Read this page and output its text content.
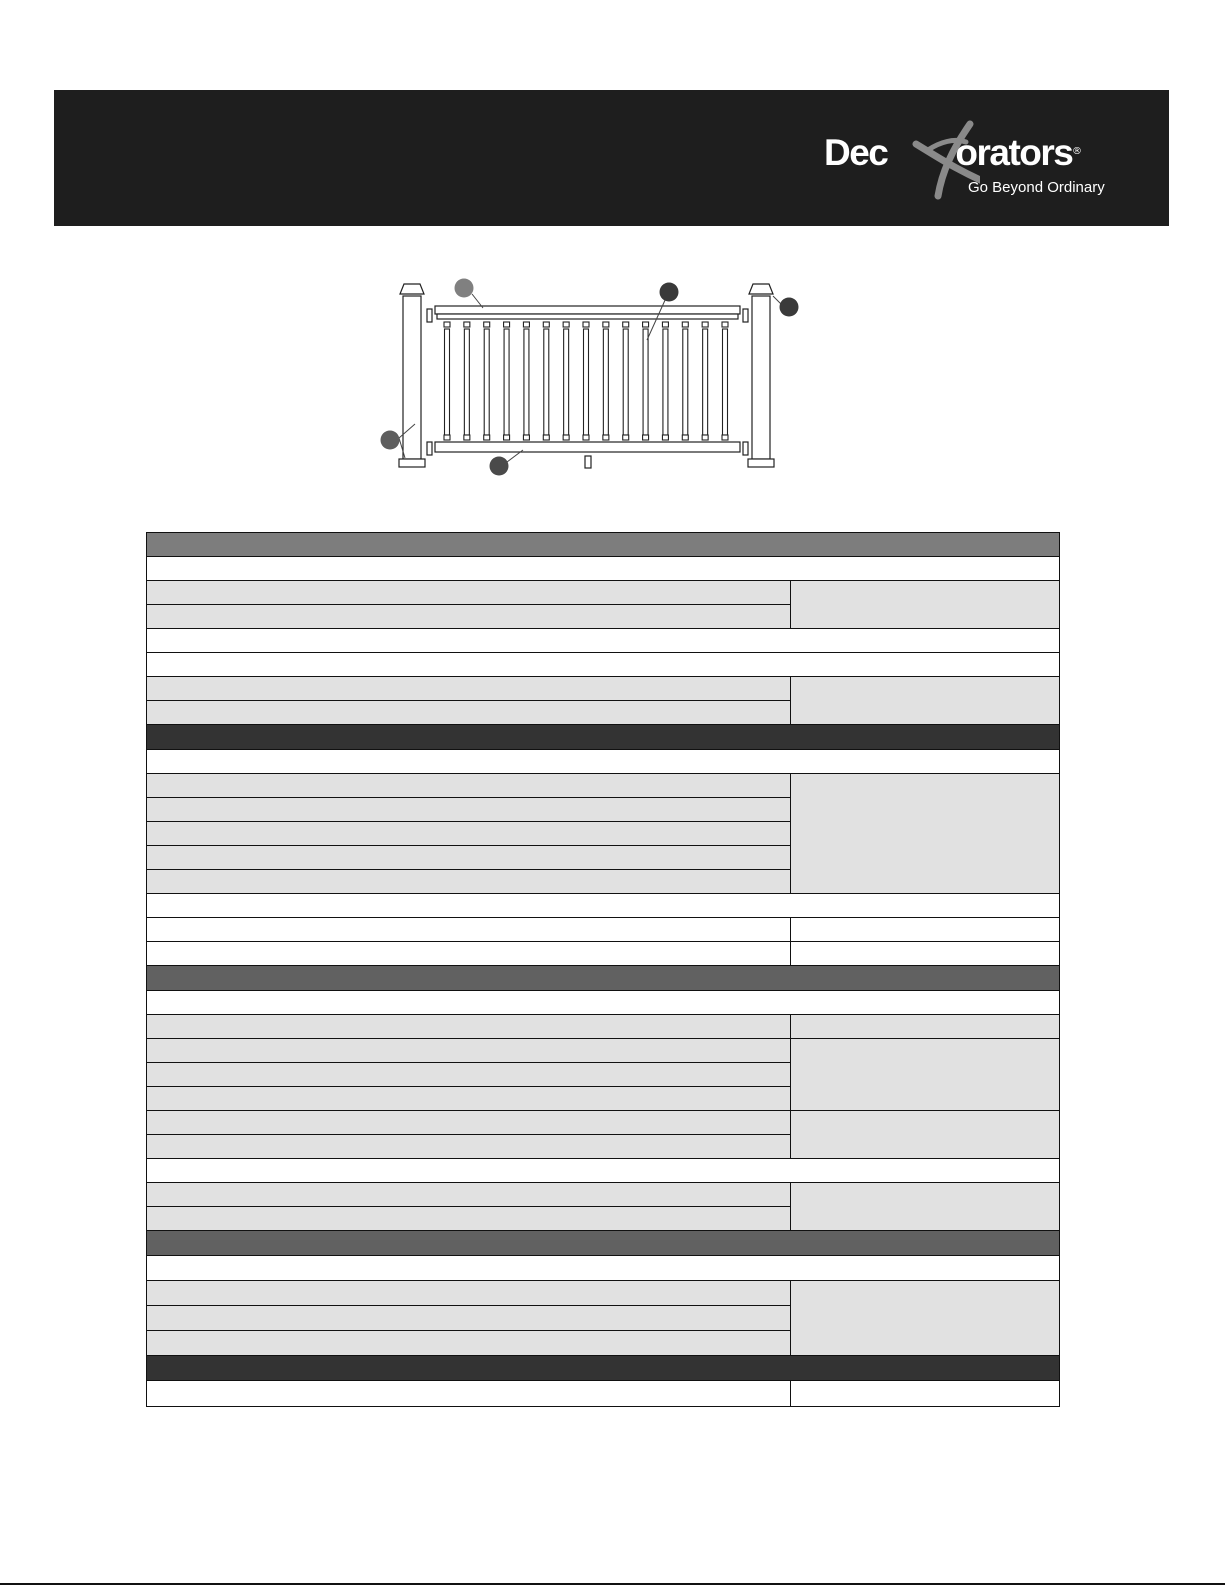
Dec orators ®
Go Beyond Ordinary
